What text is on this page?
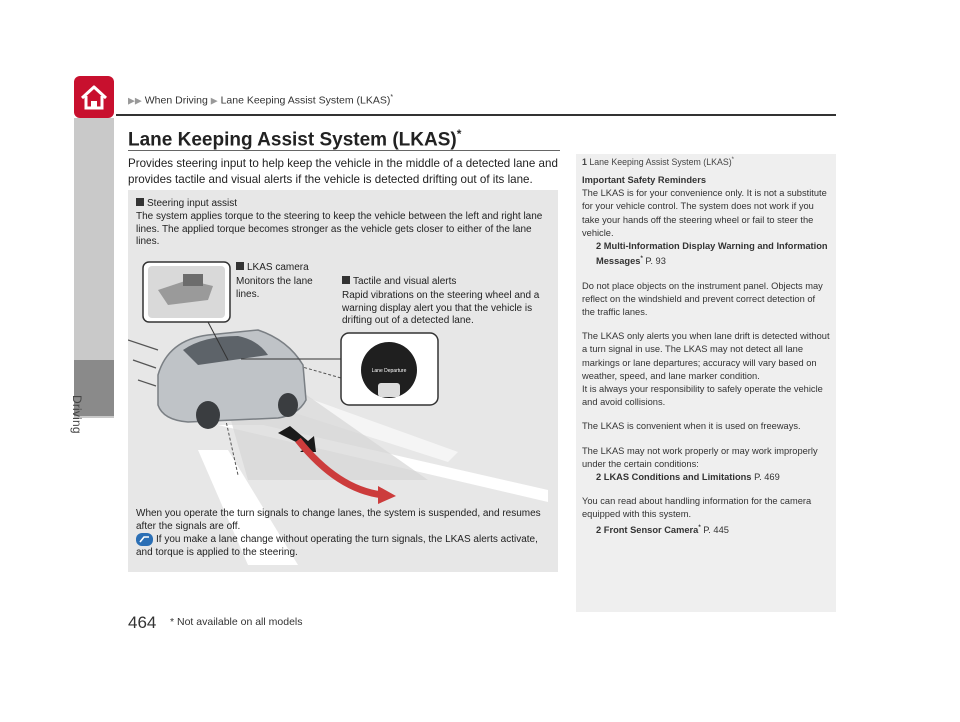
Driving
▶▶ When Driving ▶ Lane Keeping Assist System (LKAS)*
Lane Keeping Assist System (LKAS)*
Provides steering input to help keep the vehicle in the middle of a detected lane and provides tactile and visual alerts if the vehicle is detected drifting out of its lane.
Lane Departure
Steering input assist
The system applies torque to the steering to keep the vehicle between the left and right lane lines. The applied torque becomes stronger as the vehicle gets closer to either of the lane lines.
LKAS camera
Monitors the lane lines.
Tactile and visual alerts
Rapid vibrations on the steering wheel and a warning display alert you that the vehicle is drifting out of a detected lane.
When you operate the turn signals to change lanes, the system is suspended, and resumes after the signals are off.
If you make a lane change without operating the turn signals, the LKAS alerts activate, and torque is applied to the steering.
1 Lane Keeping Assist System (LKAS)*

Important Safety Reminders
The LKAS is for your convenience only. It is not a substitute for your vehicle control. The system does not work if you take your hands off the steering wheel or fail to steer the vehicle.

2 Multi-Information Display Warning and Information Messages* P. 93

Do not place objects on the instrument panel. Objects may reflect on the windshield and prevent correct detection of the traffic lanes.

The LKAS only alerts you when lane drift is detected without a turn signal in use. The LKAS may not detect all lane markings or lane departures; accuracy will vary based on weather, speed, and lane marker condition.

It is always your responsibility to safely operate the vehicle and avoid collisions.

The LKAS is convenient when it is used on freeways.

The LKAS may not work properly or may work improperly under the certain conditions:

2 LKAS Conditions and Limitations P. 469

You can read about handling information for the camera equipped with this system.

2 Front Sensor Camera* P. 445

464 * Not available on all models
